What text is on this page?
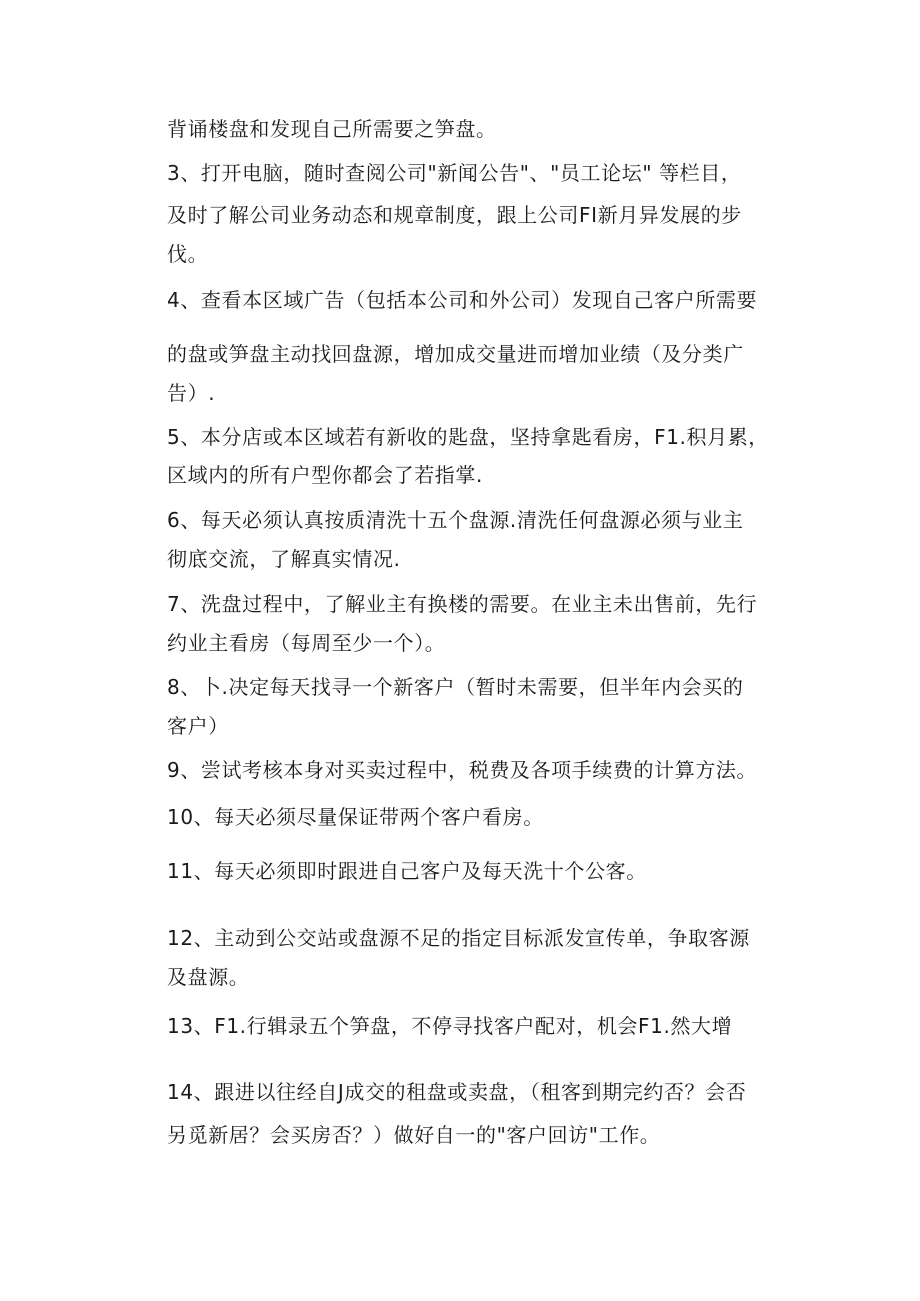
背诵楼盘和发现自己所需要之笋盘。
3、打开电脑，随时查阅公司"新闻公告"、"员工论坛" 等栏目，
及时了解公司业务动态和规章制度，跟上公司FI新月异发展的步
伐。
4、查看本区域广告（包括本公司和外公司）发现自己客户所需要
的盘或笋盘主动找回盘源，增加成交量进而增加业绩（及分类广
告）.
5、本分店或本区域若有新收的匙盘，坚持拿匙看房，F1.积月累，
区域内的所有户型你都会了若指掌.
6、每天必须认真按质清洗十五个盘源.清洗任何盘源必须与业主
彻底交流，了解真实情况.
7、洗盘过程中，了解业主有换楼的需要。在业主未出售前，先行
约业主看房（每周至少一个）。
8、卜.决定每天找寻一个新客户（暂时未需要，但半年内会买的
客户）
9、尝试考核本身对买卖过程中，税费及各项手续费的计算方法。
10、每天必须尽量保证带两个客户看房。
11、每天必须即时跟进自己客户及每天洗十个公客。
12、主动到公交站或盘源不足的指定目标派发宣传单，争取客源
及盘源。
13、F1.行辑录五个笋盘，不停寻找客户配对，机会F1.然大增
14、跟进以往经自J成交的租盘或卖盘，（租客到期完约否？会否
另觅新居？会买房否？）做好自一的"客户回访"工作。
